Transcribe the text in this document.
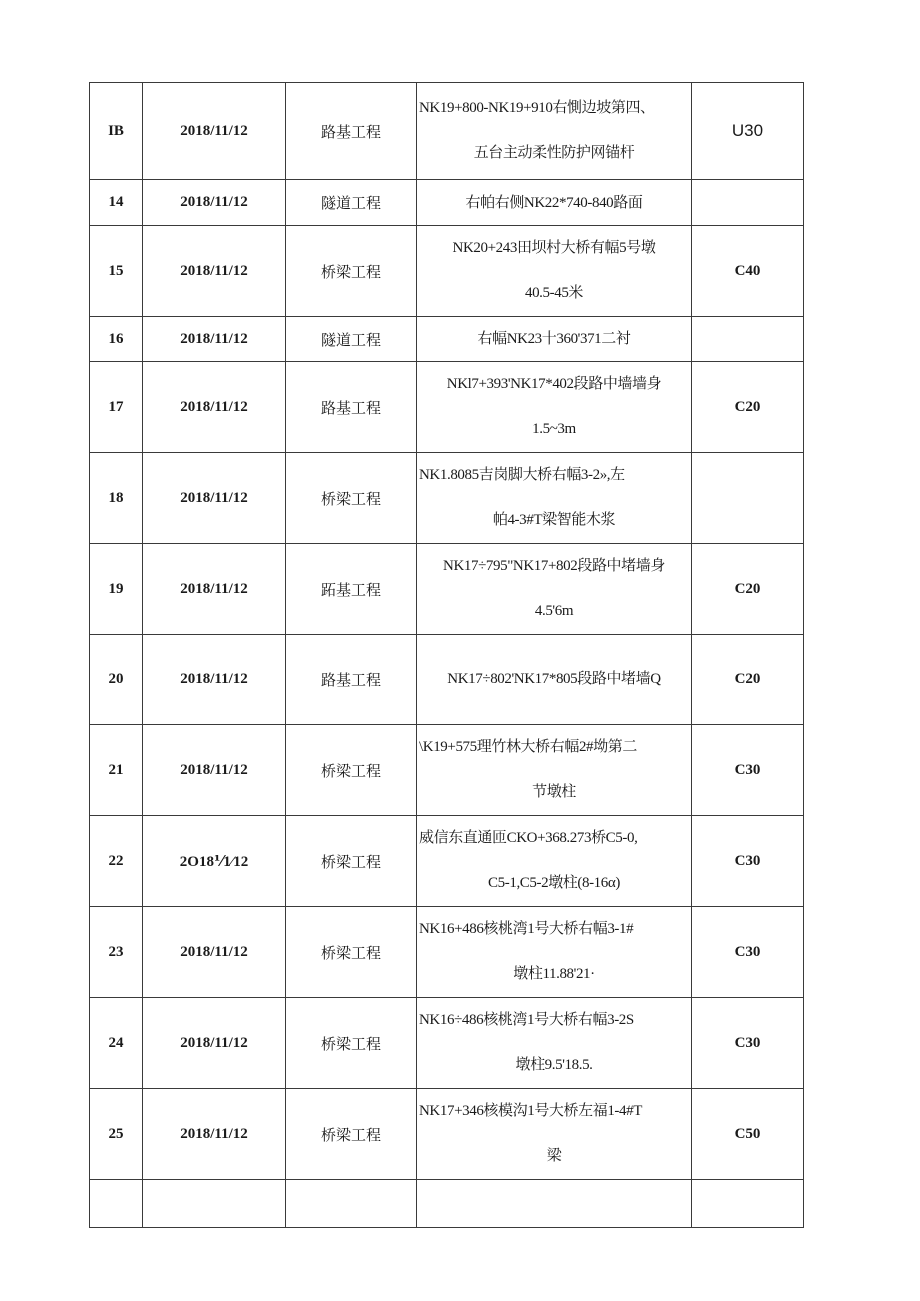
IB	2018/11/12	路基工程	NK19+800-NK19+910右惻边坡第四、
五台主动柔性防护网锚杆	U30
14	2018/11/12	隧道工程	右帕右侧NK22*740-840路面	

15	2018/11/12	桥梁工程	NK20+243田坝村大桥有幅5号墩
40.5-45米	C40
16	2018/11/12	隧道工程	右幅NK23十360'371二衬	

17	2018/11/12	路基工程	NKl7+393'NK17*402段路中墙墙身
1.5~3m	C20
18	2018/11/12	桥梁工程	NK1.8085吉岗脚大桥右幅3-2»,左
帕4-3#T梁智能木浆	

19	2018/11/12	跖基工程	NK17÷795"NK17+802段路中堵墙身
4.5'6m	C20
20	2018/11/12	路基工程	NK17÷802'NK17*805段路中堵墙Q	C20
21	2018/11/12	桥梁工程	\K19+575理竹林大桥右幅2#坳第二
节墩柱	C30
22	2O18⅟1⁄12	桥梁工程	威信东直通匝CKO+368.273桥C5-0,
C5-1,C5-2墩柱(8-16α)	C30
23	2018/11/12	桥梁工程	NK16+486核桃湾1号大桥右幅3-1#
墩柱11.88'21·	C30
24	2018/11/12	桥梁工程	NK16÷486核桃湾1号大桥右幅3-2S
墩柱9.5'18.5.	C30
25	2018/11/12	桥梁工程	NK17+346核模沟1号大桥左福1-4#T
梁	C50
